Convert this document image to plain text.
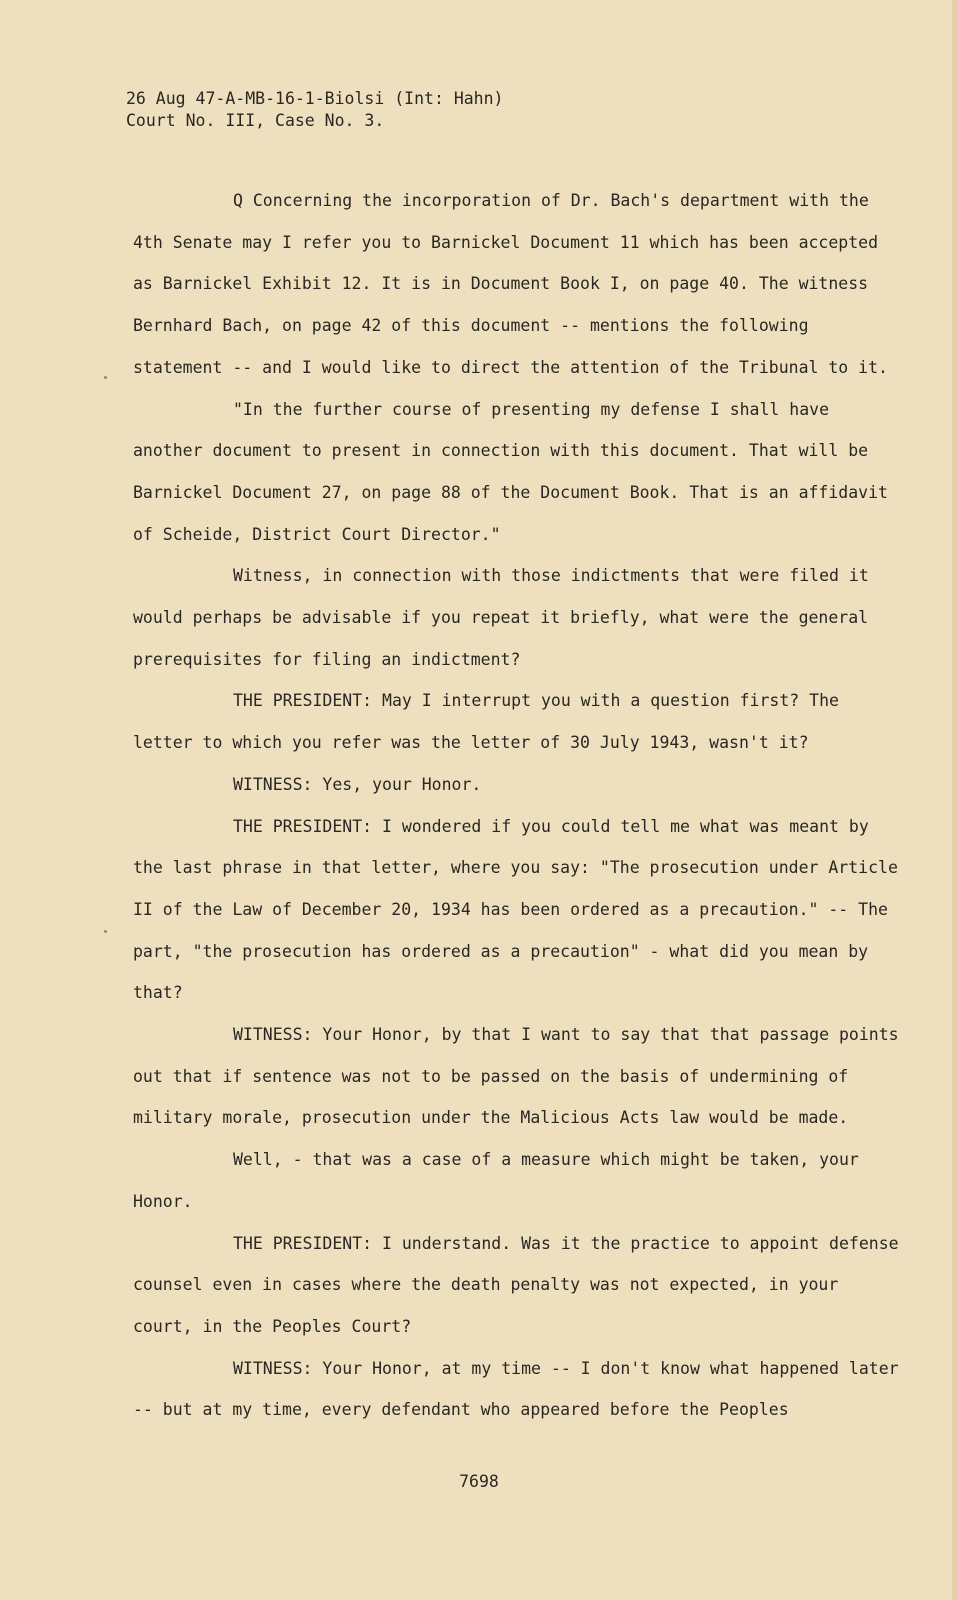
26 Aug 47-A-MB-16-1-Biolsi (Int: Hahn)
Court No. III, Case No. 3.

Q Concerning the incorporation of Dr. Bach's department with the 4th Senate may I refer you to Barnickel Document 11 which has been accepted as Barnickel Exhibit 12. It is in Document Book I, on page 40. The witness Bernhard Bach, on page 42 of this document -- mentions the following statement -- and I would like to direct the attention of the Tribunal to it.

"In the further course of presenting my defense I shall have another document to present in connection with this document. That will be Barnickel Document 27, on page 88 of the Document Book. That is an affidavit of Scheide, District Court Director."

Witness, in connection with those indictments that were filed it would perhaps be advisable if you repeat it briefly, what were the general prerequisites for filing an indictment?

THE PRESIDENT: May I interrupt you with a question first? The letter to which you refer was the letter of 30 July 1943, wasn't it?

WITNESS: Yes, your Honor.

THE PRESIDENT: I wondered if you could tell me what was meant by the last phrase in that letter, where you say: "The prosecution under Article II of the Law of December 20, 1934 has been ordered as a precaution." -- The part, "the prosecution has ordered as a precaution" - what did you mean by that?

WITNESS: Your Honor, by that I want to say that that passage points out that if sentence was not to be passed on the basis of undermining of military morale, prosecution under the Malicious Acts law would be made.

Well, - that was a case of a measure which might be taken, your Honor.

THE PRESIDENT: I understand. Was it the practice to appoint defense counsel even in cases where the death penalty was not expected, in your court, in the Peoples Court?

WITNESS: Your Honor, at my time -- I don't know what happened later -- but at my time, every defendant who appeared before the Peoples

7698
